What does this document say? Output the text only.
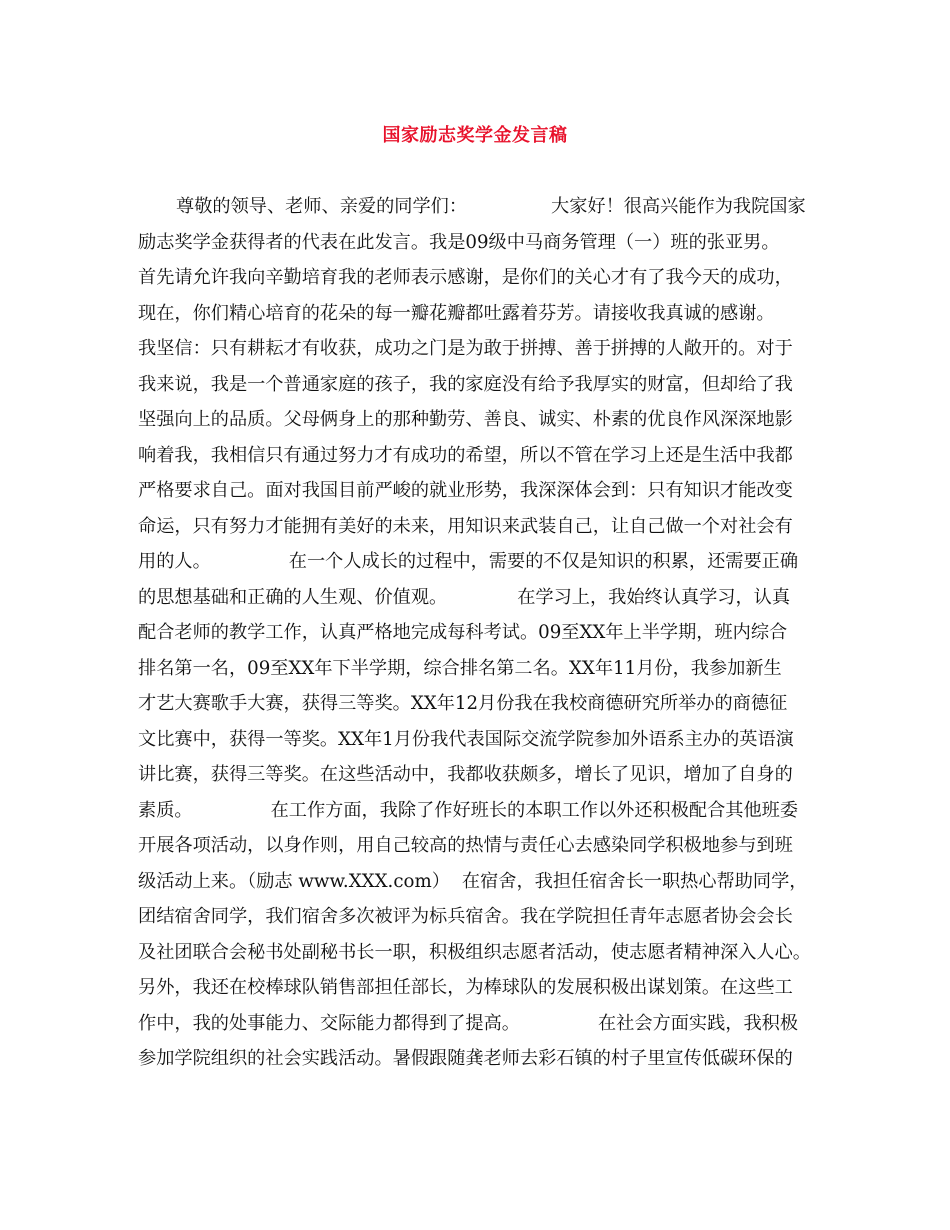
国家励志奖学金发言稿
尊敬的领导、老师、亲爱的同学们：	大家好！很高兴能作为我院国家
励志奖学金获得者的代表在此发言。我是09级中马商务管理（一）班的张亚男。
首先请允许我向辛勤培育我的老师表示感谢，是你们的关心才有了我今天的成功，
现在，你们精心培育的花朵的每一瓣花瓣都吐露着芬芳。请接收我真诚的感谢。
我坚信：只有耕耘才有收获，成功之门是为敢于拼搏、善于拼搏的人敞开的。对于
我来说，我是一个普通家庭的孩子，我的家庭没有给予我厚实的财富，但却给了我
坚强向上的品质。父母俩身上的那种勤劳、善良、诚实、朴素的优良作风深深地影
响着我，我相信只有通过努力才有成功的希望，所以不管在学习上还是生活中我都
严格要求自己。面对我国目前严峻的就业形势，我深深体会到：只有知识才能改变
命运，只有努力才能拥有美好的未来，用知识来武装自己，让自己做一个对社会有
用的人。	在一个人成长的过程中，需要的不仅是知识的积累，还需要正确
的思想基础和正确的人生观、价值观。	在学习上，我始终认真学习，认真
配合老师的教学工作，认真严格地完成每科考试。09至XX年上半学期，班内综合
排名第一名，09至XX年下半学期，综合排名第二名。XX年11月份，我参加新生
才艺大赛歌手大赛，获得三等奖。XX年12月份我在我校商德研究所举办的商德征
文比赛中，获得一等奖。XX年1月份我代表国际交流学院参加外语系主办的英语演
讲比赛，获得三等奖。在这些活动中，我都收获颇多，增长了见识，增加了自身的
素质。	在工作方面，我除了作好班长的本职工作以外还积极配合其他班委
开展各项活动，以身作则，用自己较高的热情与责任心去感染同学积极地参与到班
级活动上来。（励志 www.XXX.com） 在宿舍，我担任宿舍长一职热心帮助同学，
团结宿舍同学，我们宿舍多次被评为标兵宿舍。我在学院担任青年志愿者协会会长
及社团联合会秘书处副秘书长一职，积极组织志愿者活动，使志愿者精神深入人心。
另外，我还在校棒球队销售部担任部长，为棒球队的发展积极出谋划策。在这些工
作中，我的处事能力、交际能力都得到了提高。	在社会方面实践，我积极
参加学院组织的社会实践活动。暑假跟随龚老师去彩石镇的村子里宣传低碳环保的
